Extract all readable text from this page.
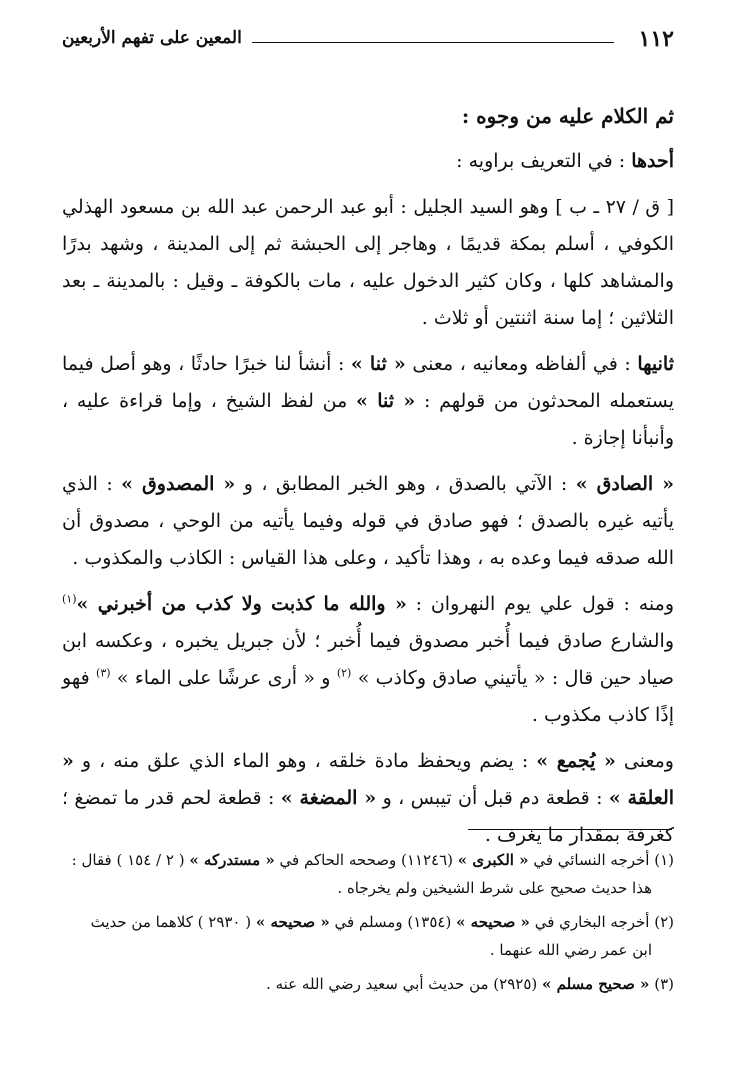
١١٢
المعين على تفهم الأربعين

ثم الكلام عليه من وجوه :

أحدها : في التعريف براويه :

[ ق / ٢٧ ـ ب ] وهو السيد الجليل : أبو عبد الرحمن عبد الله بن مسعود الهذلي الكوفي ، أسلم بمكة قديمًا ، وهاجر إلى الحبشة ثم إلى المدينة ، وشهد بدرًا والمشاهد كلها ، وكان كثير الدخول عليه ، مات بالكوفة ـ وقيل : بالمدينة ـ بعد الثلاثين ؛ إما سنة اثنتين أو ثلاث .

ثانيها : في ألفاظه ومعانيه ، معنى « ثنا » : أنشأ لنا خبرًا حادثًا ، وهو أصل فيما يستعمله المحدثون من قولهم : « ثنا » من لفظ الشيخ ، وإما قراءة عليه ، وأنبأنا إجازة .

« الصادق » : الآتي بالصدق ، وهو الخبر المطابق ، و « المصدوق » : الذي يأتيه غيره بالصدق ؛ فهو صادق في قوله وفيما يأتيه من الوحي ، مصدوق أن الله صدقه فيما وعده به ، وهذا تأكيد ، وعلى هذا القياس : الكاذب والمكذوب .

ومنه : قول علي يوم النهروان : « والله ما كذبت ولا كذب من أخبرني »$^{(١)}$ والشارع صادق فيما أُخبر مصدوق فيما أُخبر ؛ لأن جبريل يخبره ، وعكسه ابن صياد حين قال : « يأتيني صادق وكاذب » $^{(٢)}$ و « أرى عرشًا على الماء » $^{(٣)}$ فهو إذًا كاذب مكذوب .

ومعنى « يُجمع » : يضم ويحفظ مادة خلقه ، وهو الماء الذي علق منه ، و « العلقة » : قطعة دم قبل أن تيبس ، و « المضغة » : قطعة لحم قدر ما تمضغ ؛ كغرفة بمقدار ما يغرف .

(١) أخرجه النسائي في « الكبرى » (١١٢٤٦) وصححه الحاكم في « مستدركه » ( ٢ / ١٥٤ ) فقال :
هذا حديث صحيح على شرط الشيخين ولم يخرجاه .
(٢) أخرجه البخاري في « صحيحه » (١٣٥٤) ومسلم في « صحيحه » ( ٢٩٣٠ ) كلاهما من حديث
ابن عمر رضي الله عنهما .
(٣) « صحيح مسلم » (٢٩٢٥) من حديث أبي سعيد رضي الله عنه .
